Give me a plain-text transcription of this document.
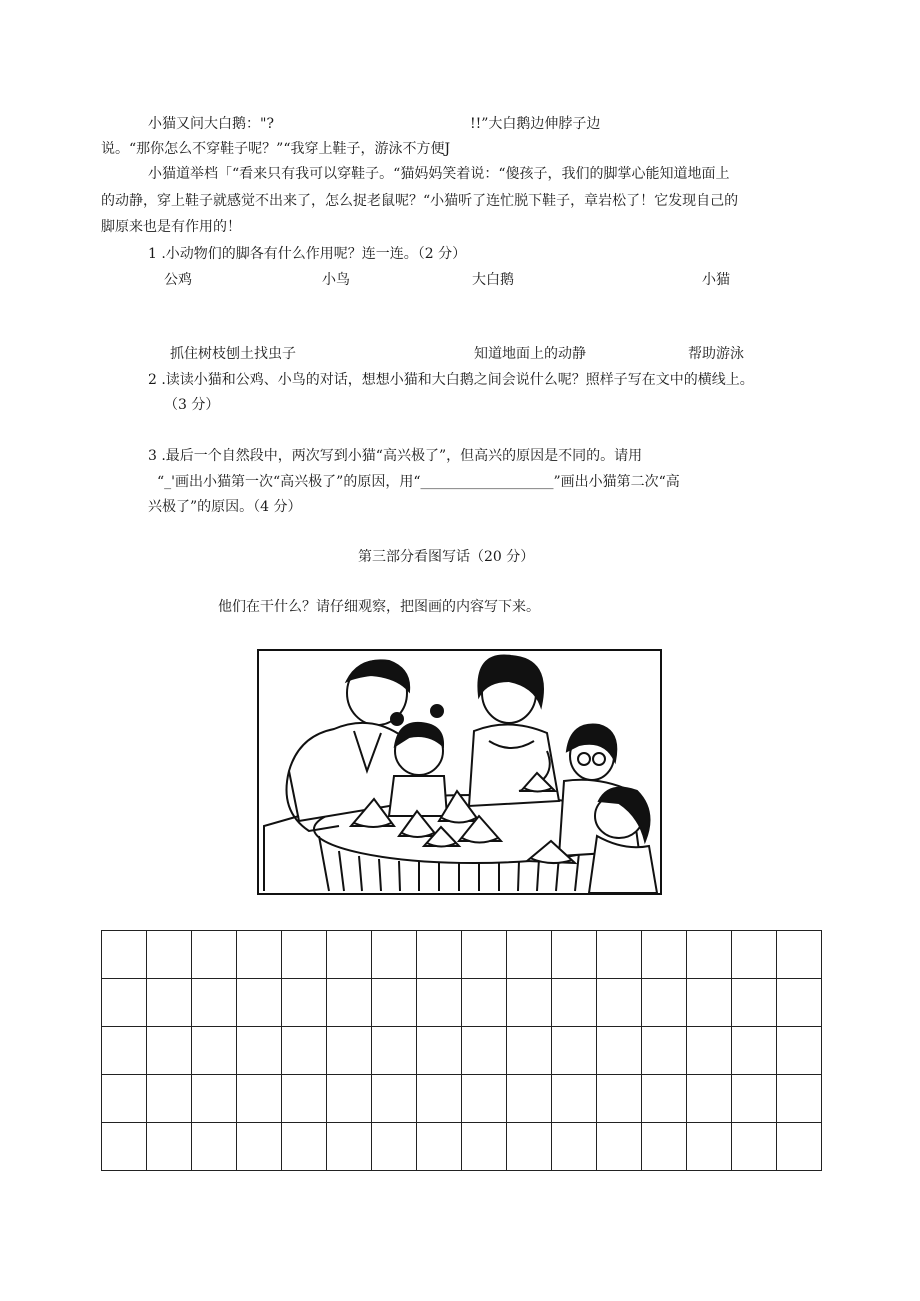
小猫又问大白鹅："?	!!”大白鹅边伸脖子边
说。“那你怎么不穿鞋子呢？”“我穿上鞋子，游泳不方便J
小猫道举档「“看来只有我可以穿鞋子。“猫妈妈笑着说：“傻孩子，我们的脚掌心能知道地面上
的动静，穿上鞋子就感觉不出来了，怎么捉老鼠呢？“小猫听了连忙脱下鞋子，章岩松了！它发现自己的
脚原来也是有作用的！
1 .小动物们的脚各有什么作用呢？连一连。（2 分）
公鸡	小鸟	大白鹅	小猫
抓住树枝刨土找虫子	知道地面上的动静	帮助游泳
2 .读读小猫和公鸡、小鸟的对话，想想小猫和大白鹅之间会说什么呢？照样子写在文中的横线上。
（3 分）
3 .最后一个自然段中，两次写到小猫“高兴极了”，但高兴的原因是不同的。请用
“_'画出小猫第一次“高兴极了”的原因，用“___________________”画出小猫第二次“高
兴极了”的原因。（4 分）
第三部分看图写话（20 分）
他们在干什么？请仔细观察，把图画的内容写下来。
